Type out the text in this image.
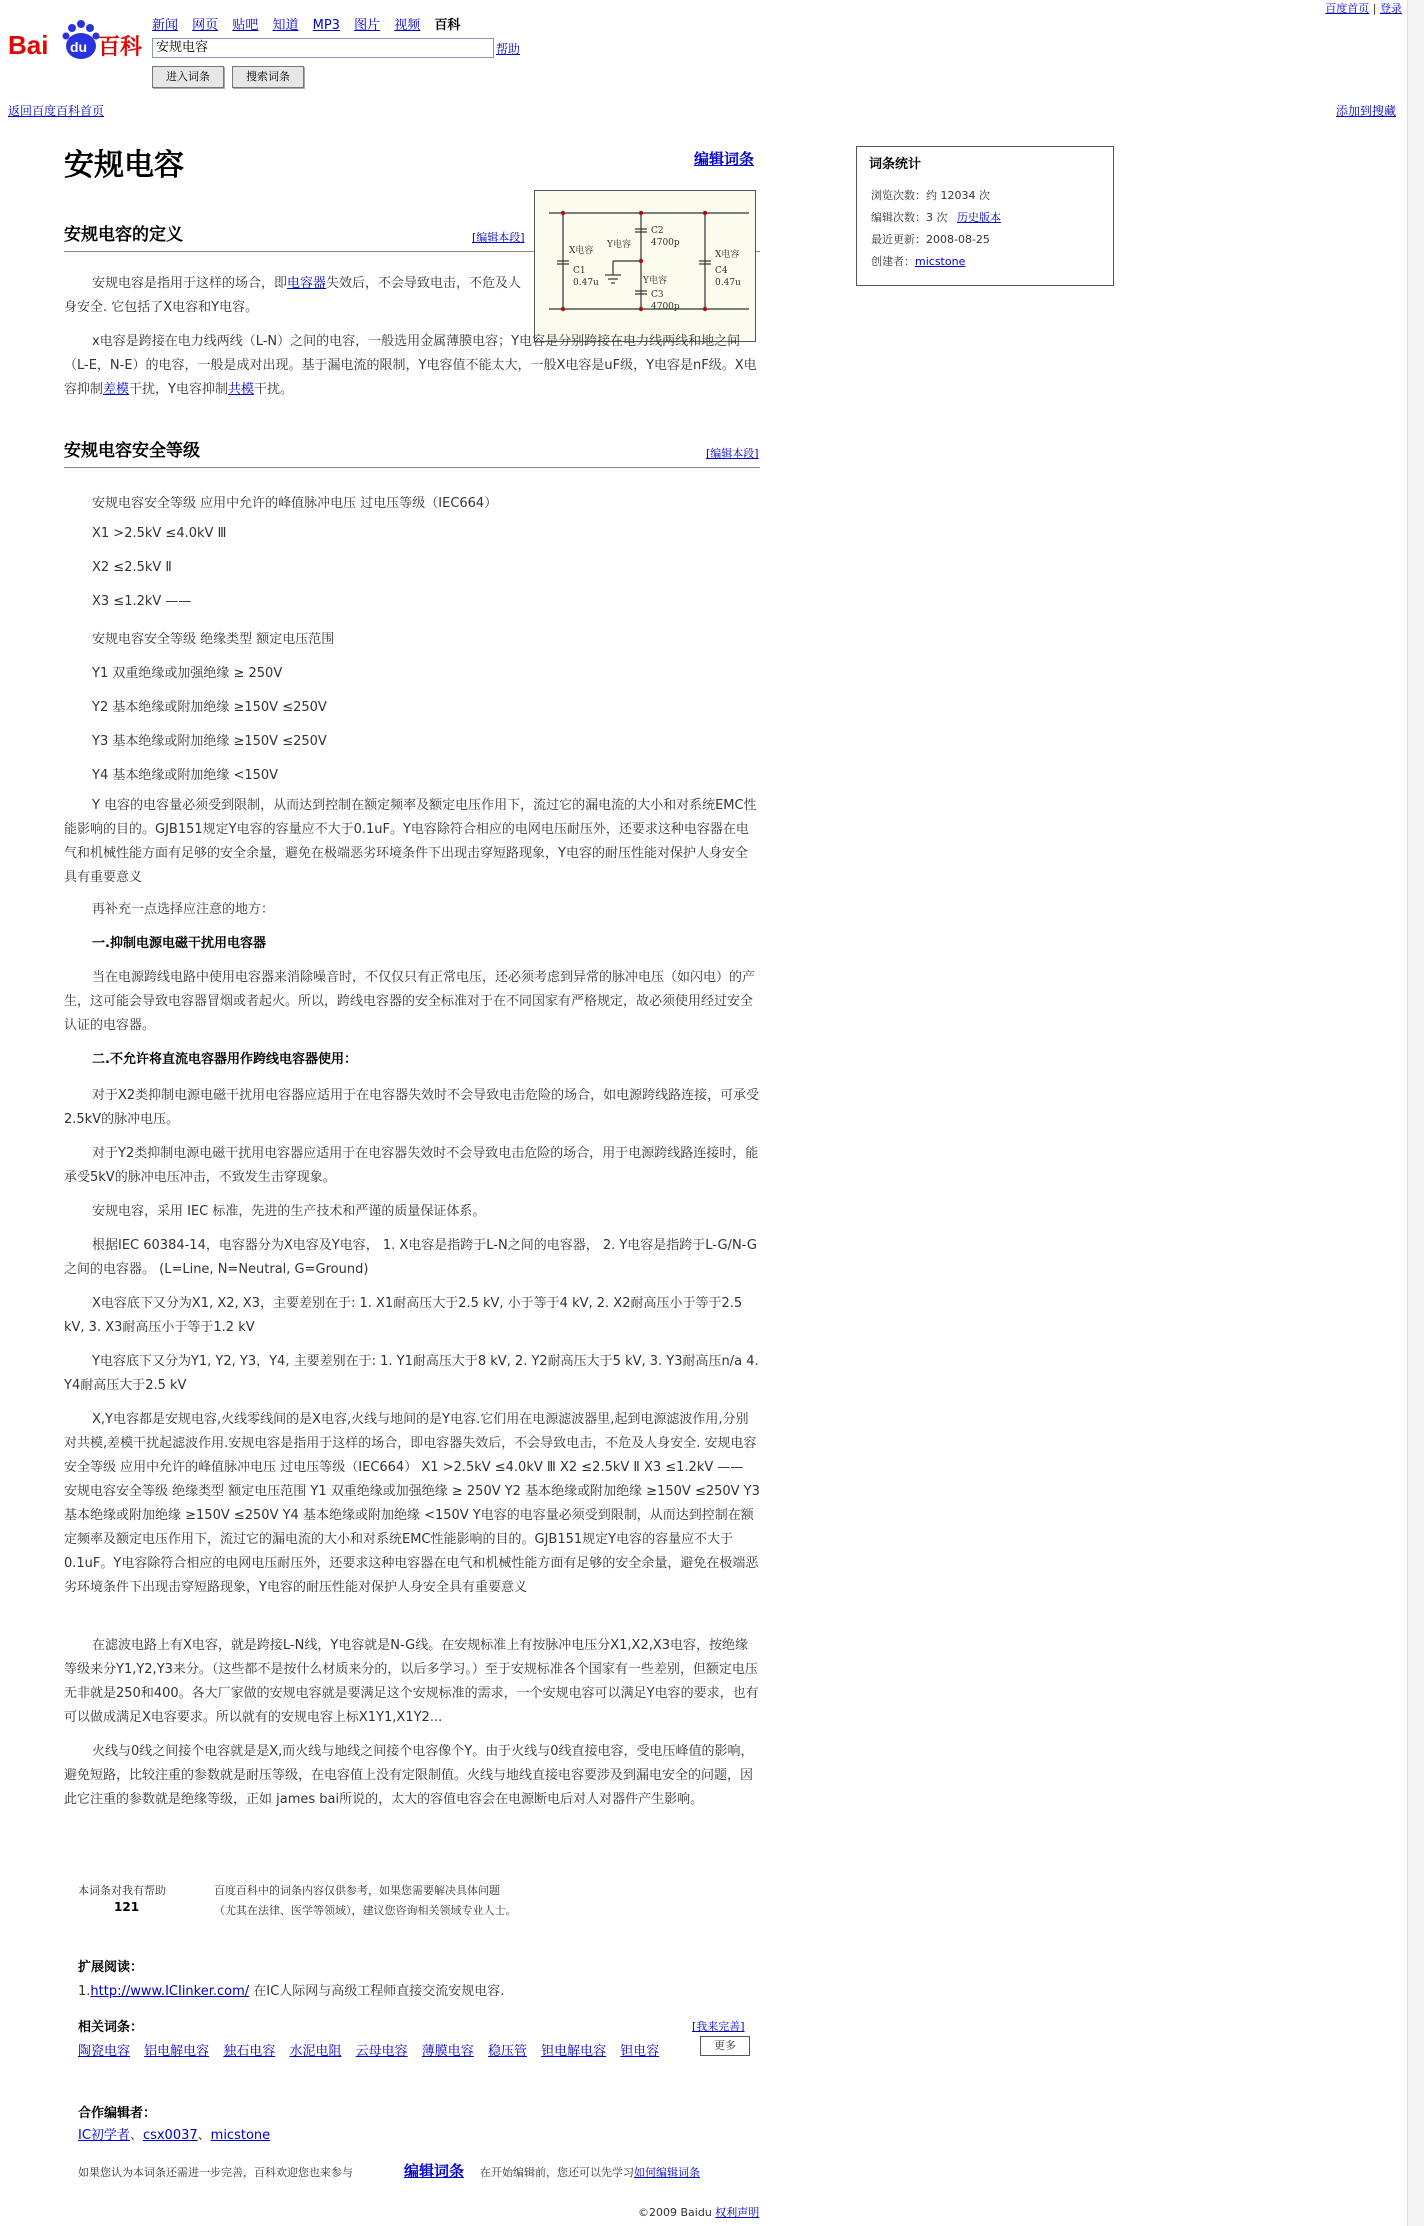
百度首页 | 登录
Bai du 百科
新闻 网页 贴吧 知道 MP3 图片 视频 百科
安规电容	帮助
进入词条	搜索词条
返回百度百科首页	添加到搜藏
安规电容	编辑词条	词条统计
浏览次数：约 12034 次
编辑次数：3 次 历史版本
最近更新：2008-08-25
创建者：micstone
安规电容的定义	[编辑本段]
X电容
C1
0.47u
Y电容
C2
4700p
Y电容
C3
4700p
X电容
C4
0.47u

安规电容是指用于这样的场合，即电容器失效后，不会导致电击，不危及人身安全. 它包括了X电容和Y电容。

x电容是跨接在电力线两线（L-N）之间的电容，一般选用金属薄膜电容；Y电容是分别跨接在电力线两线和地之间（L-E，N-E）的电容，一般是成对出现。基于漏电流的限制，Y电容值不能太大，一般X电容是uF级，Y电容是nF级。X电容抑制差模干扰，Y电容抑制共模干扰。

安规电容安全等级	[编辑本段]
安规电容安全等级 应用中允许的峰值脉冲电压 过电压等级（IEC664）
X1 >2.5kV ≤4.0kV Ⅲ
X2 ≤2.5kV Ⅱ
X3 ≤1.2kV ——
安规电容安全等级 绝缘类型 额定电压范围
Y1 双重绝缘或加强绝缘 ≥ 250V
Y2 基本绝缘或附加绝缘 ≥150V ≤250V
Y3 基本绝缘或附加绝缘 ≥150V ≤250V
Y4 基本绝缘或附加绝缘 <150V

Y 电容的电容量必须受到限制，从而达到控制在额定频率及额定电压作用下，流过它的漏电流的大小和对系统EMC性能影响的目的。GJB151规定Y电容的容量应不大于0.1uF。Y电容除符合相应的电网电压耐压外，还要求这种电容器在电气和机械性能方面有足够的安全余量，避免在极端恶劣环境条件下出现击穿短路现象，Y电容的耐压性能对保护人身安全具有重要意义

再补充一点选择应注意的地方：

一.抑制电源电磁干扰用电容器

当在电源跨线电路中使用电容器来消除噪音时，不仅仅只有正常电压，还必须考虑到异常的脉冲电压（如闪电）的产生，这可能会导致电容器冒烟或者起火。所以，跨线电容器的安全标准对于在不同国家有严格规定，故必须使用经过安全认证的电容器。

二.不允许将直流电容器用作跨线电容器使用：

对于X2类抑制电源电磁干扰用电容器应适用于在电容器失效时不会导致电击危险的场合，如电源跨线路连接，可承受2.5kV的脉冲电压。

对于Y2类抑制电源电磁干扰用电容器应适用于在电容器失效时不会导致电击危险的场合，用于电源跨线路连接时，能承受5kV的脉冲电压冲击，不致发生击穿现象。

安规电容，采用 IEC 标准，先进的生产技术和严谨的质量保证体系。

根据IEC 60384-14，电容器分为X电容及Y电容， 1. X电容是指跨于L-N之间的电容器， 2. Y电容是指跨于L-G/N-G之间的电容器。 (L=Line, N=Neutral, G=Ground)

X电容底下又分为X1, X2, X3，主要差别在于: 1. X1耐高压大于2.5 kV, 小于等于4 kV, 2. X2耐高压小于等于2.5 kV, 3. X3耐高压小于等于1.2 kV

Y电容底下又分为Y1, Y2, Y3，Y4, 主要差别在于: 1. Y1耐高压大于8 kV, 2. Y2耐高压大于5 kV, 3. Y3耐高压n/a 4. Y4耐高压大于2.5 kV

X,Y电容都是安规电容,火线零线间的是X电容,火线与地间的是Y电容.它们用在电源滤波器里,起到电源滤波作用,分别对共模,差模干扰起滤波作用.安规电容是指用于这样的场合，即电容器失效后，不会导致电击，不危及人身安全. 安规电容安全等级 应用中允许的峰值脉冲电压 过电压等级（IEC664） X1 >2.5kV ≤4.0kV Ⅲ X2 ≤2.5kV Ⅱ X3 ≤1.2kV —— 安规电容安全等级 绝缘类型 额定电压范围 Y1 双重绝缘或加强绝缘 ≥ 250V Y2 基本绝缘或附加绝缘 ≥150V ≤250V Y3 基本绝缘或附加绝缘 ≥150V ≤250V Y4 基本绝缘或附加绝缘 <150V Y电容的电容量必须受到限制，从而达到控制在额定频率及额定电压作用下，流过它的漏电流的大小和对系统EMC性能影响的目的。GJB151规定Y电容的容量应不大于0.1uF。Y电容除符合相应的电网电压耐压外，还要求这种电容器在电气和机械性能方面有足够的安全余量，避免在极端恶劣环境条件下出现击穿短路现象，Y电容的耐压性能对保护人身安全具有重要意义

在滤波电路上有X电容，就是跨接L-N线，Y电容就是N-G线。在安规标准上有按脉冲电压分X1,X2,X3电容，按绝缘等级来分Y1,Y2,Y3来分。（这些都不是按什么材质来分的，以后多学习。）至于安规标准各个国家有一些差别，但额定电压无非就是250和400。各大厂家做的安规电容就是要满足这个安规标准的需求，一个安规电容可以满足Y电容的要求，也有可以做成满足X电容要求。所以就有的安规电容上标X1Y1,X1Y2...

火线与0线之间接个电容就是是X,而火线与地线之间接个电容像个Y。由于火线与0线直接电容，受电压峰值的影响，避免短路，比较注重的参数就是耐压等级，在电容值上没有定限制值。火线与地线直接电容要涉及到漏电安全的问题，因此它注重的参数就是绝缘等级，正如 james bai所说的，太大的容值电容会在电源断电后对人对器件产生影响。

本词条对我有帮助
121
百度百科中的词条内容仅供参考，如果您需要解决具体问题
（尤其在法律、医学等领域），建议您咨询相关领域专业人士。
扩展阅读：
1.http://www.ICIinker.com/ 在IC人际网与高级工程师直接交流安规电容.
相关词条：	[我来完善]
陶瓷电容 铝电解电容 独石电容 水泥电阻 云母电容 薄膜电容 稳压管 钽电解电容 钽电容	更多
合作编辑者：
IC初学者、csx0037、micstone
如果您认为本词条还需进一步完善，百科欢迎您也来参与	编辑词条 在开始编辑前，您还可以先学习如何编辑词条
©2009 Baidu 权利声明
